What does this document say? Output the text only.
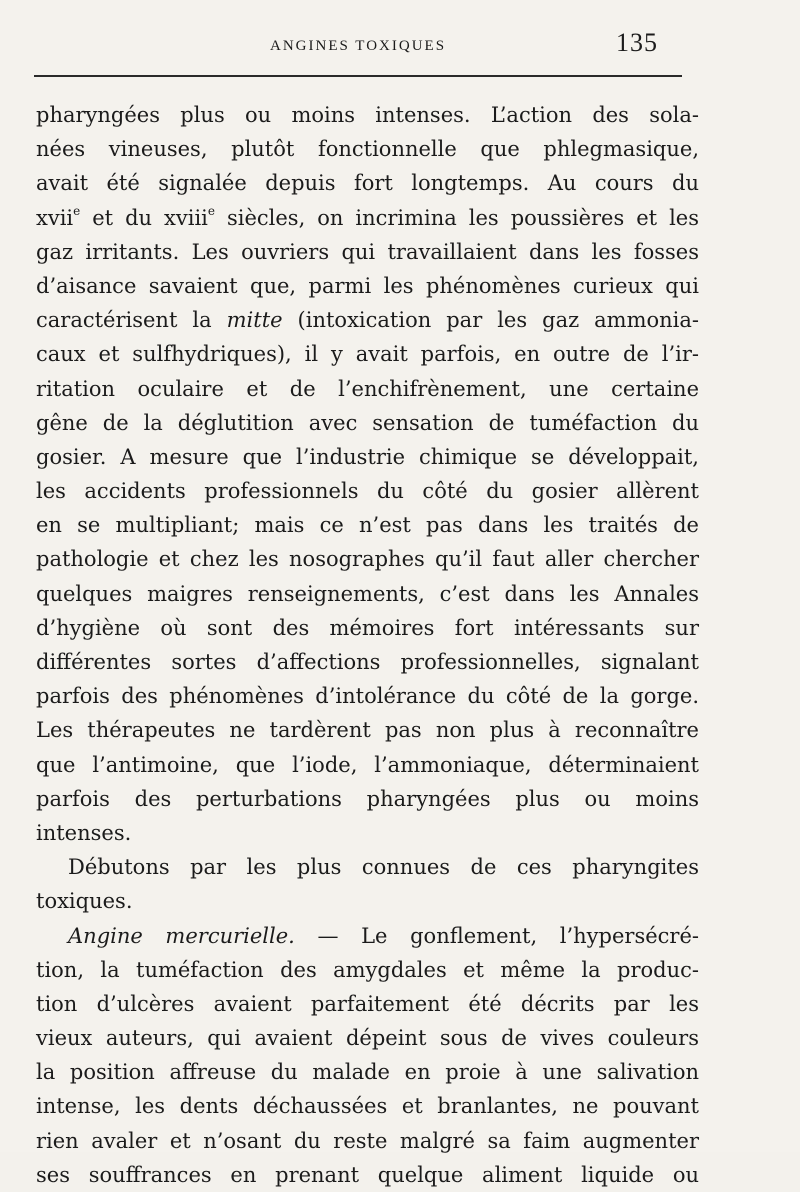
ANGINES TOXIQUES	135
pharyngées plus ou moins intenses. L’action des sola-
nées vineuses, plutôt fonctionnelle que phlegmasique,
avait été signalée depuis fort longtemps. Au cours du
xvii$^e$ et du xviii$^e$ siècles, on incrimina les poussières et les
gaz irritants. Les ouvriers qui travaillaient dans les fosses
d’aisance savaient que, parmi les phénomènes curieux qui
caractérisent la mitte (intoxication par les gaz ammonia-
caux et sulfhydriques), il y avait parfois, en outre de l’ir-
ritation oculaire et de l’enchifrènement, une certaine
gêne de la déglutition avec sensation de tuméfaction du
gosier. A mesure que l’industrie chimique se développait,
les accidents professionnels du côté du gosier allèrent
en se multipliant; mais ce n’est pas dans les traités de
pathologie et chez les nosographes qu’il faut aller chercher
quelques maigres renseignements, c’est dans les Annales
d’hygiène où sont des mémoires fort intéressants sur
différentes sortes d’affections professionnelles, signalant
parfois des phénomènes d’intolérance du côté de la gorge.
Les thérapeutes ne tardèrent pas non plus à reconnaître
que l’antimoine, que l’iode, l’ammoniaque, déterminaient
parfois des perturbations pharyngées plus ou moins
intenses.
Débutons par les plus connues de ces pharyngites
toxiques.
Angine mercurielle. — Le gonflement, l’hypersécré-
tion, la tuméfaction des amygdales et même la produc-
tion d’ulcères avaient parfaitement été décrits par les
vieux auteurs, qui avaient dépeint sous de vives couleurs
la position affreuse du malade en proie à une salivation
intense, les dents déchaussées et branlantes, ne pouvant
rien avaler et n’osant du reste malgré sa faim augmenter
ses souffrances en prenant quelque aliment liquide ou
